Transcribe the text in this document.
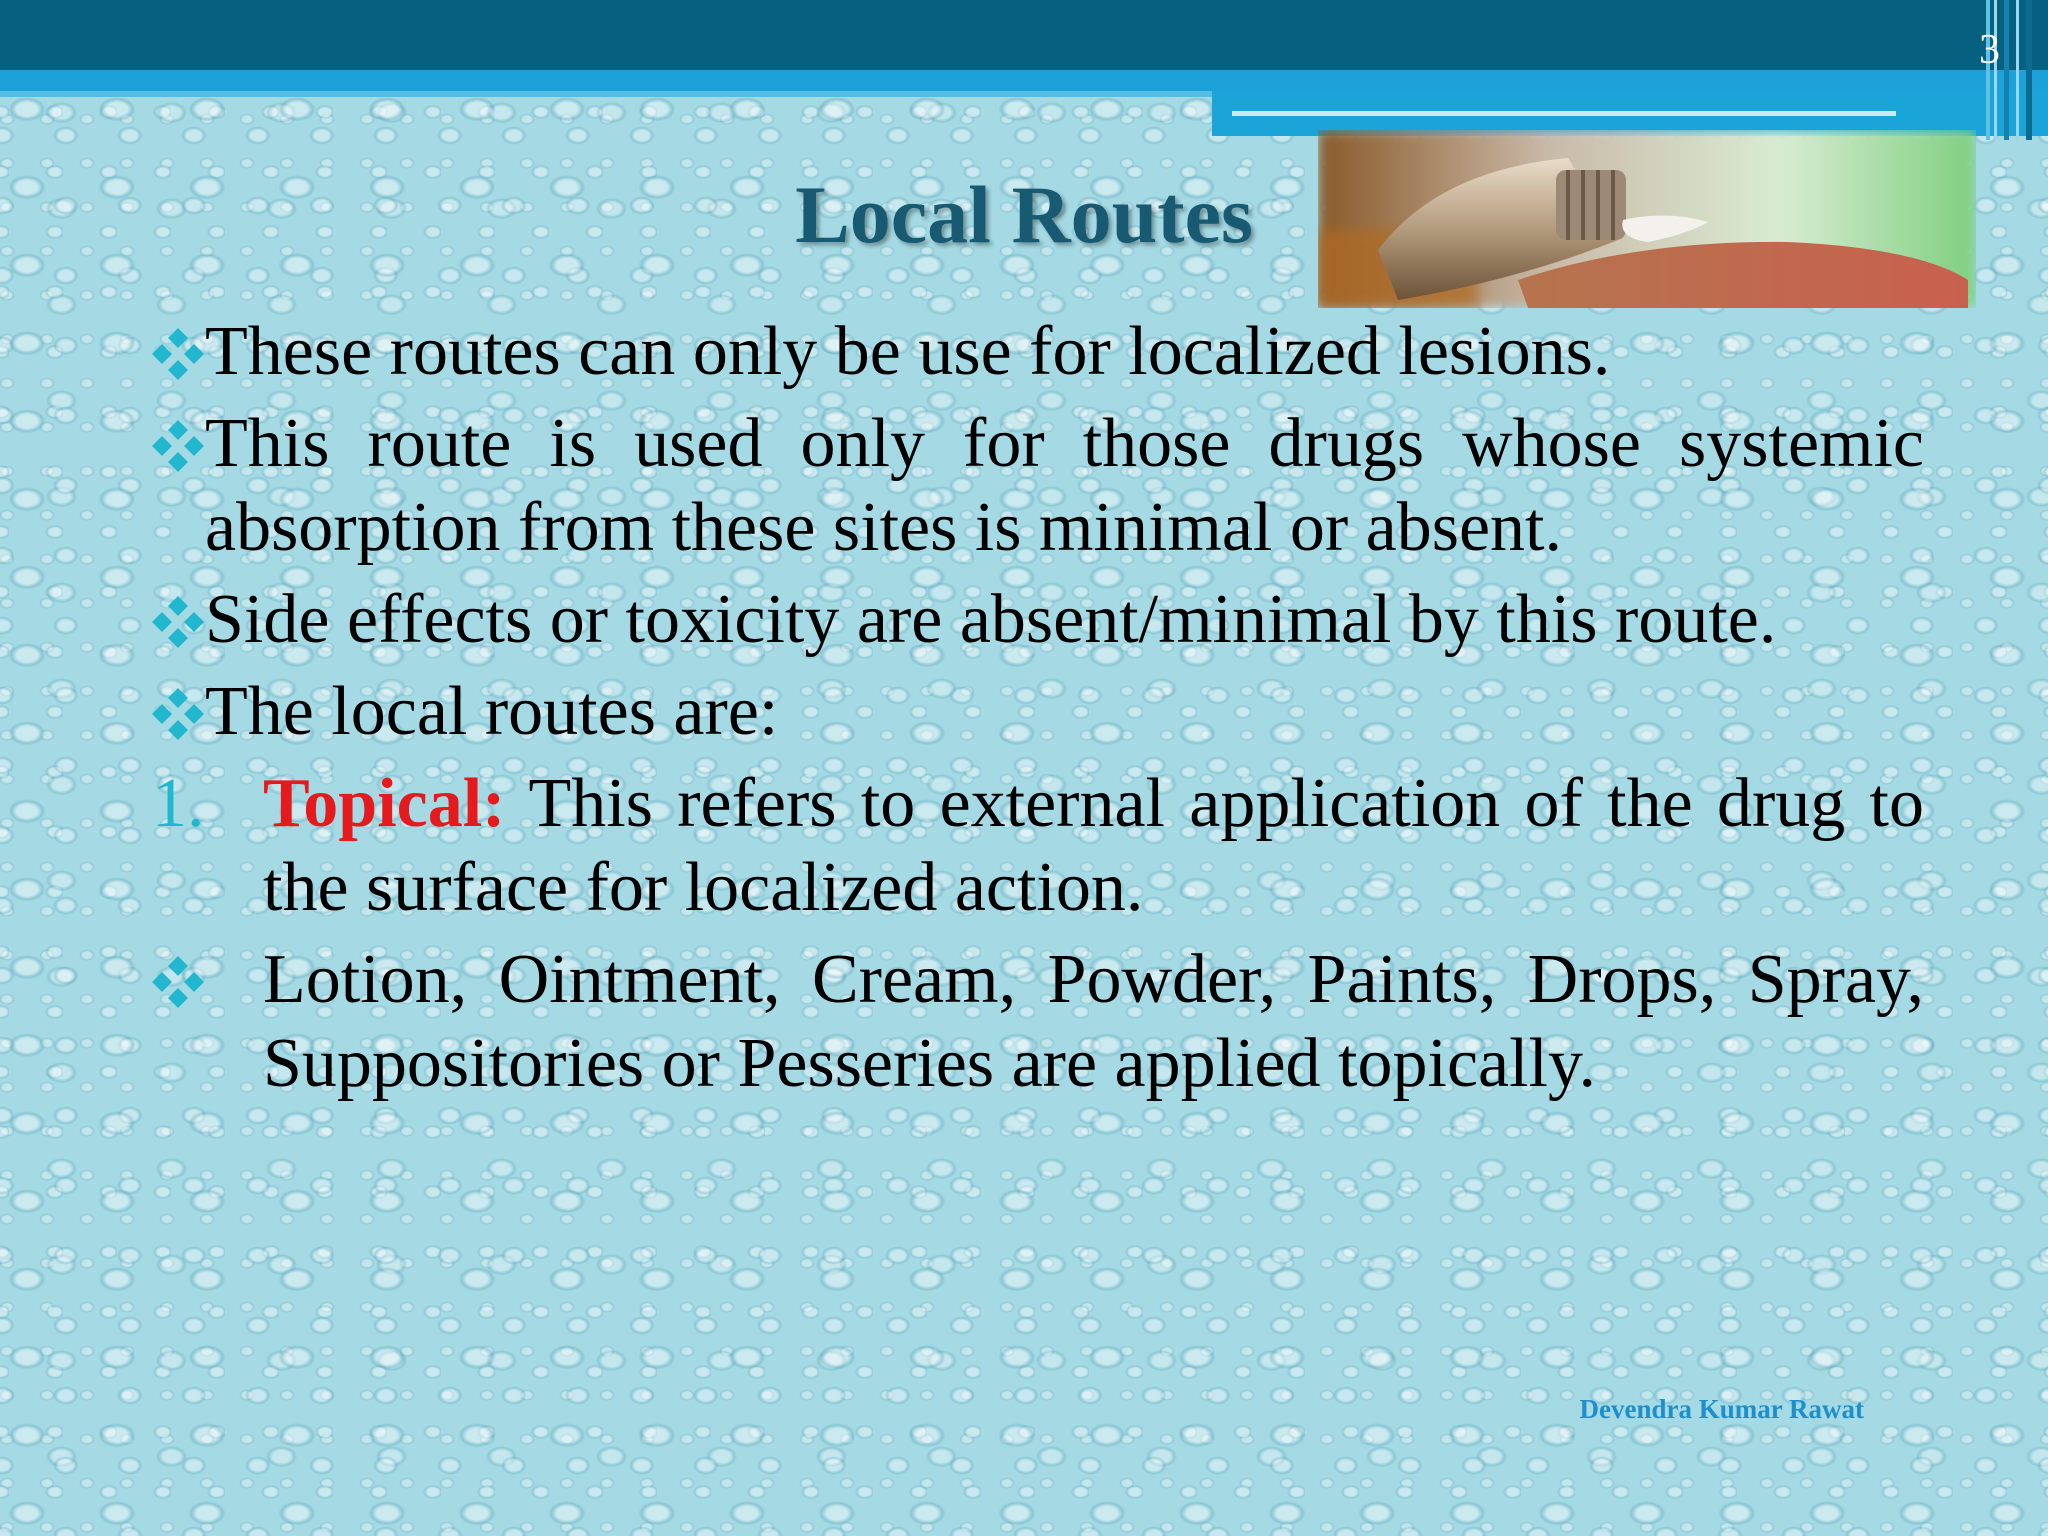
3
Local Routes
These routes can only be use for localized lesions.
This route is used only for those drugs whose systemic absorption from these sites is minimal or absent.
Side effects or toxicity are absent/minimal by this route.
The local routes are:
1. Topical: This refers to external application of the drug to the surface for localized action.
Lotion, Ointment, Cream, Powder, Paints, Drops, Spray, Suppositories or Pesseries are applied topically.
Devendra Kumar Rawat
